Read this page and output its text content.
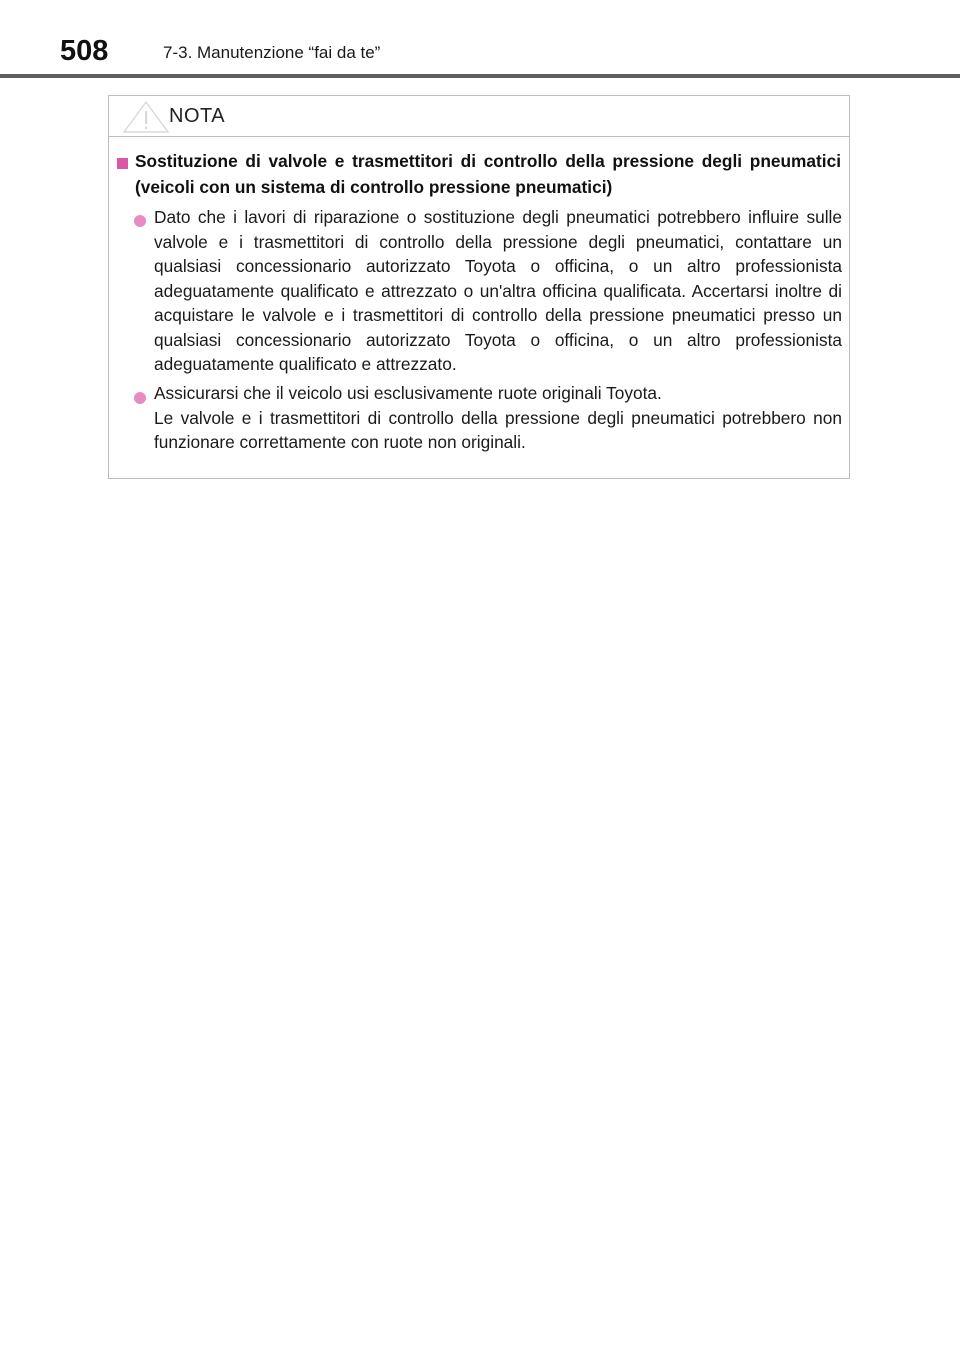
508	7-3. Manutenzione “fai da te”
NOTA

Sostituzione di valvole e trasmettitori di controllo della pressione degli pneumatici (veicoli con un sistema di controllo pressione pneumatici)

Dato che i lavori di riparazione o sostituzione degli pneumatici potrebbero influire sulle valvole e i trasmettitori di controllo della pressione degli pneumatici, contattare un qualsiasi concessionario autorizzato Toyota o officina, o un altro professionista adeguatamente qualificato e attrezzato o un'altra officina qualificata. Accertarsi inoltre di acquistare le valvole e i trasmettitori di controllo della pressione pneumatici presso un qualsiasi concessionario autorizzato Toyota o officina, o un altro professionista adeguatamente qualificato e attrezzato.

Assicurarsi che il veicolo usi esclusivamente ruote originali Toyota.
Le valvole e i trasmettitori di controllo della pressione degli pneumatici potrebbero non funzionare correttamente con ruote non originali.
